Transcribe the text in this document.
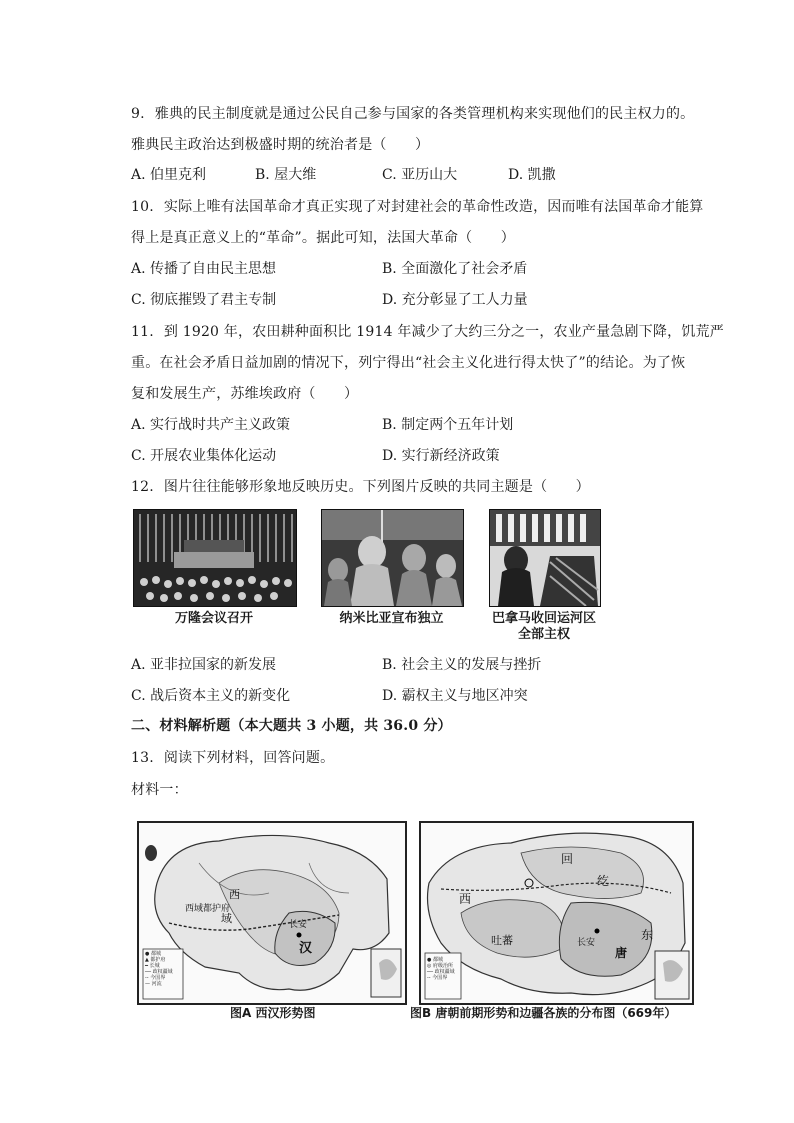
9. 雅典的民主制度就是通过公民自己参与国家的各类管理机构来实现他们的民主权力的。
雅典民主政治达到极盛时期的统治者是（　　）
A. 伯里克利	B. 屋大维	C. 亚历山大	D. 凯撒
10. 实际上唯有法国革命才真正实现了对封建社会的革命性改造，因而唯有法国革命才能算
得上是真正意义上的“革命”。据此可知，法国大革命（　　）
A. 传播了自由民主思想	B. 全面激化了社会矛盾
C. 彻底摧毁了君主专制	D. 充分彰显了工人力量
11. 到 1920 年，农田耕种面积比 1914 年减少了大约三分之一，农业产量急剧下降，饥荒严
重。在社会矛盾日益加剧的情况下，列宁得出“社会主义化进行得太快了”的结论。为了恢
复和发展生产，苏维埃政府（　　）
A. 实行战时共产主义政策	B. 制定两个五年计划
C. 开展农业集体化运动	D. 实行新经济政策
12. 图片往往能够形象地反映历史。下列图片反映的共同主题是（　　）
万隆会议召开	纳米比亚宣布独立	巴拿马收回运河区
全部主权
A. 亚非拉国家的新发展	B. 社会主义的发展与挫折
C. 战后资本主义的新变化	D. 霸权主义与地区冲突
二、材料解析题（本大题共 3 小题，共 36.0 分）
13. 阅读下列材料，回答问题。
材料一：
西
域
西域都护府
长安
汉
● 都城
▲ 都护府
━ 长城
── 政权疆域
-- 今国界
— 河流
图A 西汉形势图
回
纥
西
吐蕃	长安
唐
东
● 都城
◎ 府级治所
── 政权疆域
-- 今国界
图B 唐朝前期形势和边疆各族的分布图（669年）
